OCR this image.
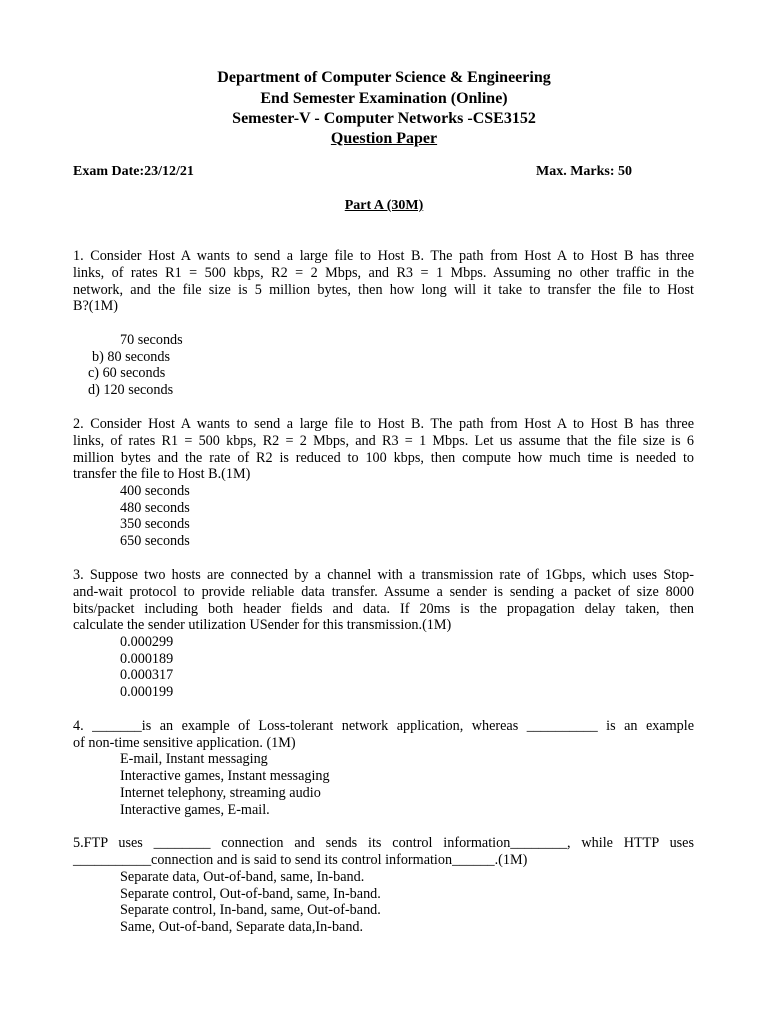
Department of Computer Science & Engineering
End Semester Examination (Online)
Semester-V - Computer Networks -CSE3152
Question Paper
Exam Date:23/12/21	Max. Marks: 50
Part A (30M)
1. Consider Host A wants to send a large file to Host B. The path from Host A to Host B has three
links, of rates R1 = 500 kbps, R2 = 2 Mbps, and R3 = 1 Mbps. Assuming no other traffic in the
network, and the file size is 5 million bytes, then how long will it take to transfer the file to Host
B?(1M)
70 seconds
b) 80 seconds
c) 60 seconds
d) 120 seconds
2. Consider Host A wants to send a large file to Host B. The path from Host A to Host B has three
links, of rates R1 = 500 kbps, R2 = 2 Mbps, and R3 = 1 Mbps. Let us assume that the file size is 6
million bytes and the rate of R2 is reduced to 100 kbps, then compute how much time is needed to
transfer the file to Host B.(1M)
400 seconds
480 seconds
350 seconds
650 seconds
3. Suppose two hosts are connected by a channel with a transmission rate of 1Gbps, which uses Stop-
and-wait protocol to provide reliable data transfer. Assume a sender is sending a packet of size 8000
bits/packet including both header fields and data. If 20ms is the propagation delay taken, then
calculate the sender utilization USender for this transmission.(1M)
0.000299
0.000189
0.000317
0.000199
4. _______is an example of Loss-tolerant network application, whereas __________ is an example
of non-time sensitive application. (1M)
E-mail, Instant messaging
Interactive games, Instant messaging
Internet telephony, streaming audio
Interactive games, E-mail.
5.FTP uses ________ connection and sends its control information________, while HTTP uses
___________connection and is said to send its control information______.(1M)
Separate data, Out-of-band, same, In-band.
Separate control, Out-of-band, same, In-band.
Separate control, In-band, same, Out-of-band.
Same, Out-of-band, Separate data,In-band.
